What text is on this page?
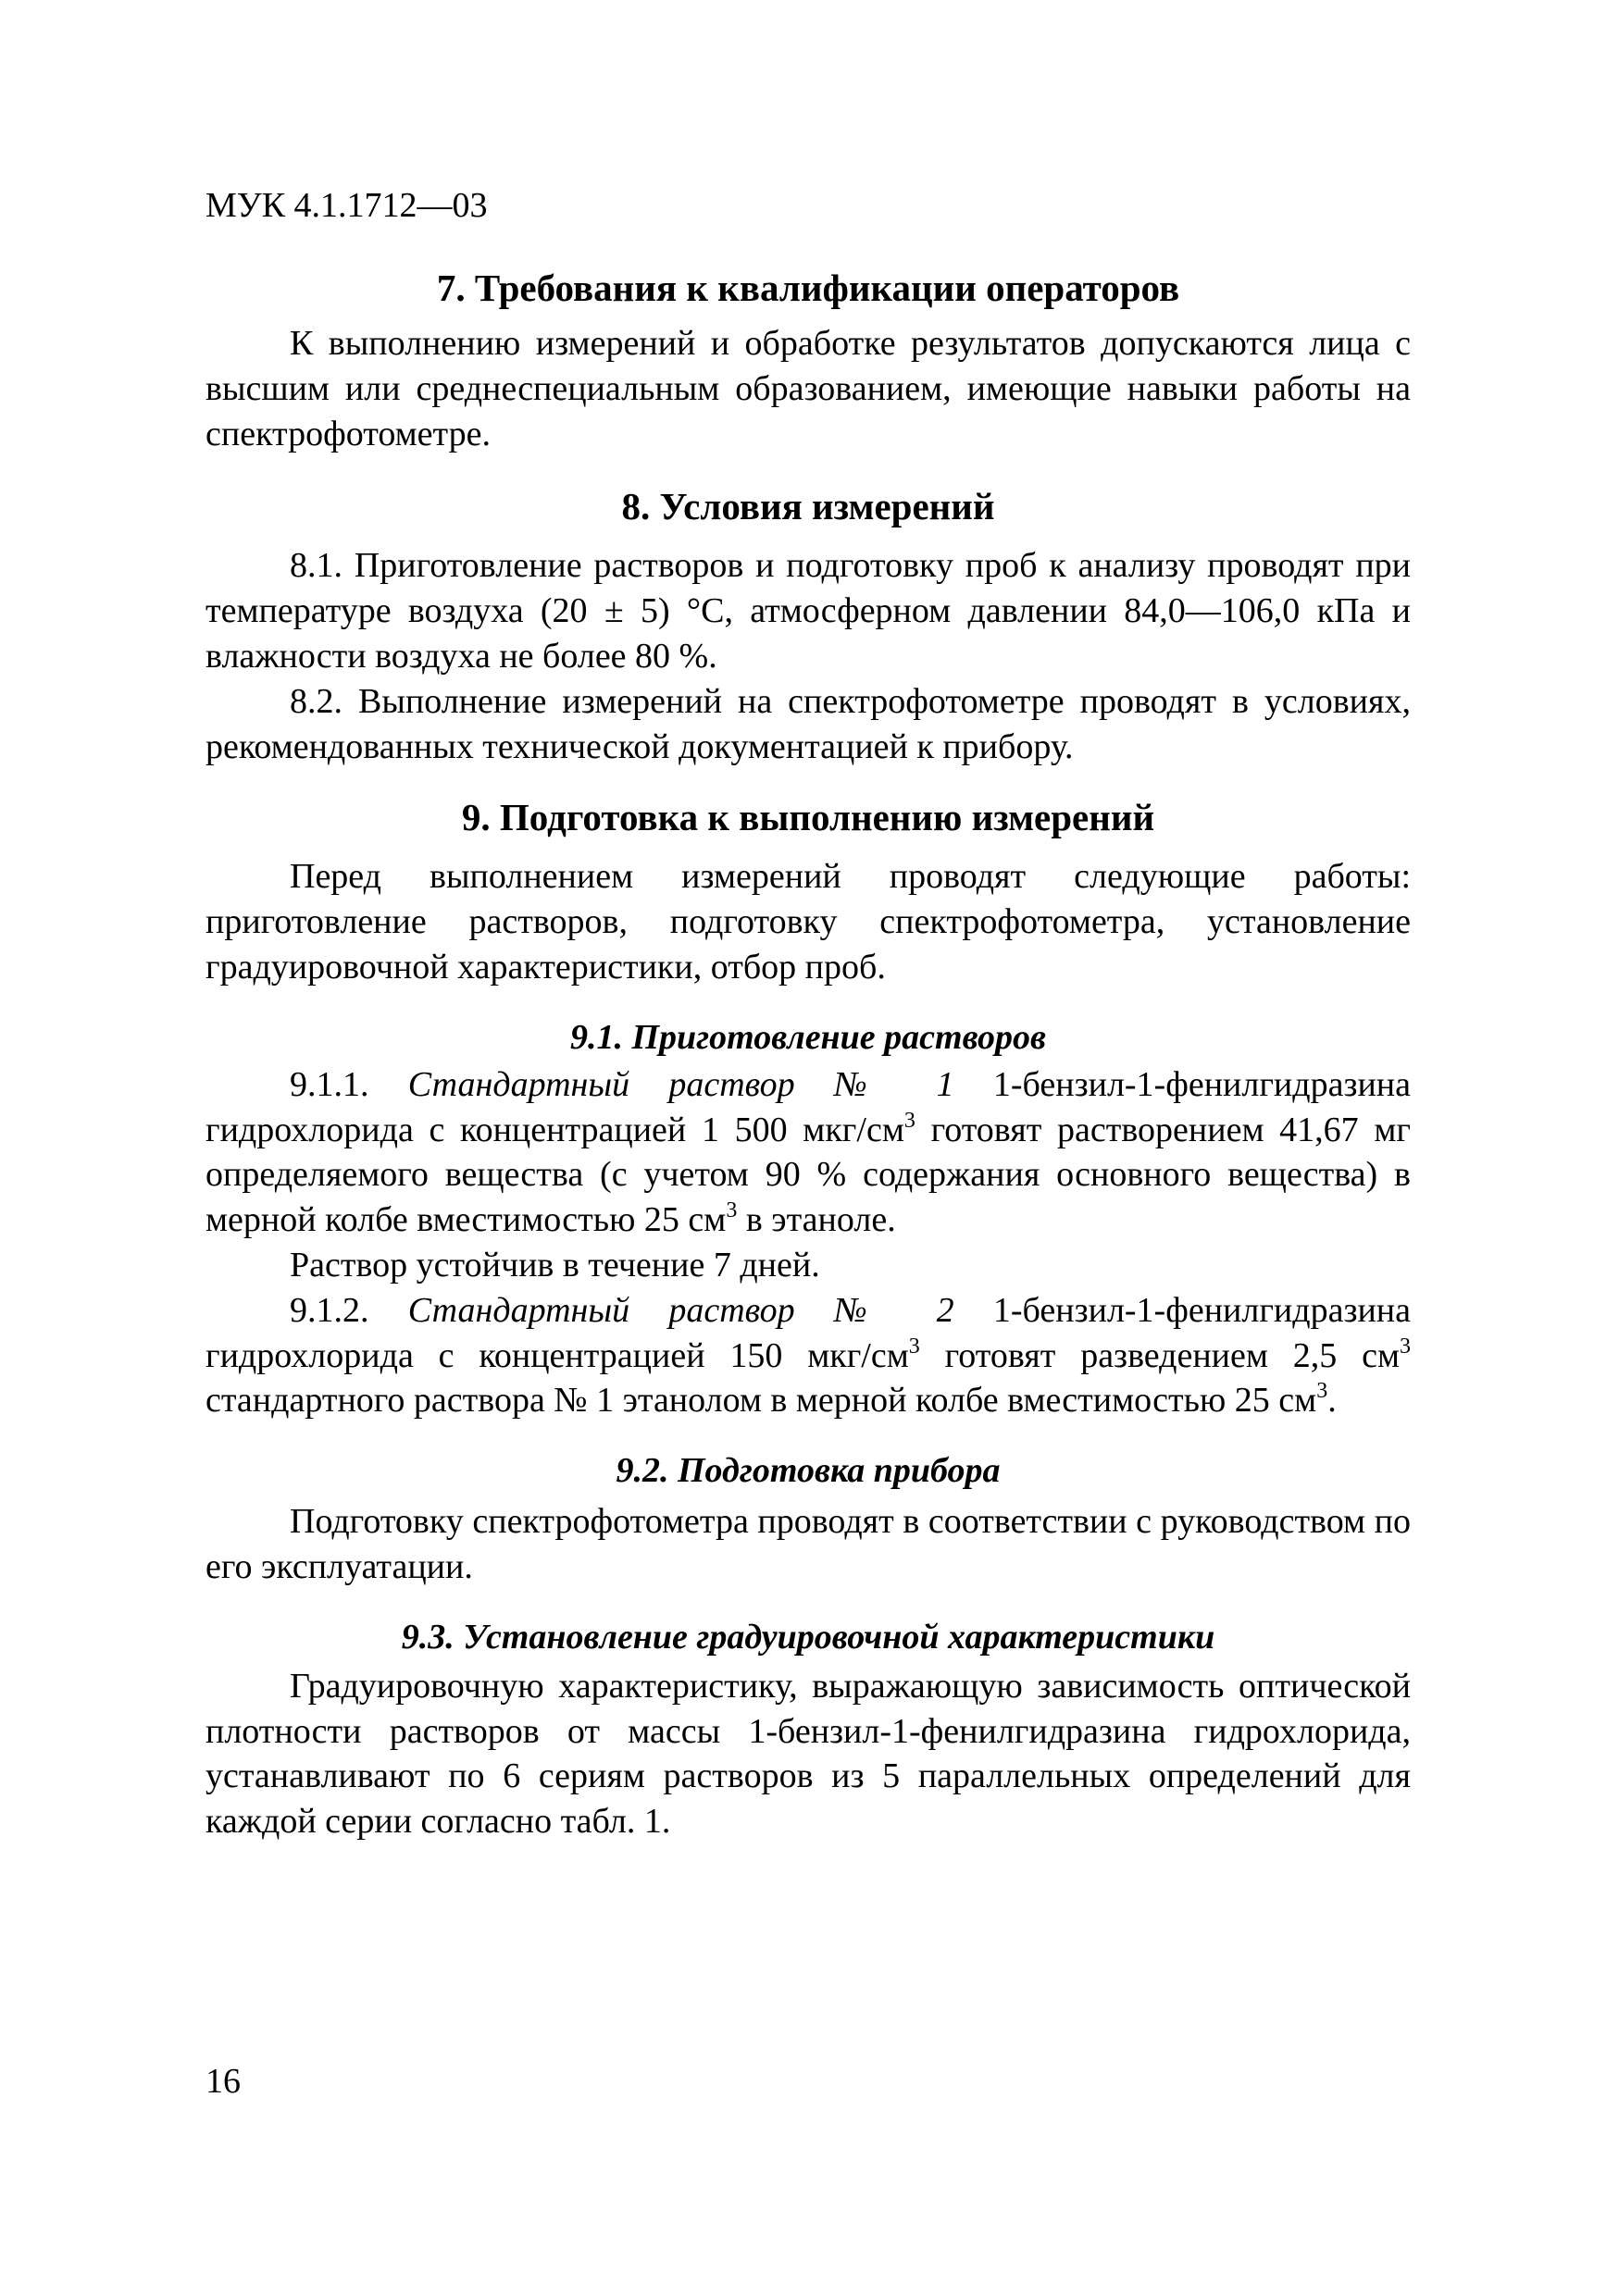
МУК 4.1.1712—03
7. Требования к квалификации операторов

К выполнению измерений и обработке результатов допускаются лица с высшим или среднеспециальным образованием, имеющие навыки работы на спектрофотометре.

8. Условия измерений

8.1. Приготовление растворов и подготовку проб к анализу проводят при температуре воздуха (20 ± 5) °С, атмосферном давлении 84,0—106,0 кПа и влажности воздуха не более 80 %.

8.2. Выполнение измерений на спектрофотометре проводят в условиях, рекомендованных технической документацией к прибору.

9. Подготовка к выполнению измерений

Перед выполнением измерений проводят следующие работы: приготовление растворов, подготовку спектрофотометра, установление градуировочной характеристики, отбор проб.

9.1. Приготовление растворов

9.1.1. Стандартный раствор № 1 1-бензил-1-фенилгидразина гидрохлорида с концентрацией 1 500 мкг/$см^3$ готовят растворением 41,67 мг определяемого вещества (с учетом 90 % содержания основного вещества) в мерной колбе вместимостью 25 $см^3$ в этаноле.

Раствор устойчив в течение 7 дней.

9.1.2. Стандартный раствор № 2 1-бензил-1-фенилгидразина гидрохлорида с концентрацией 150 мкг/$см^3$ готовят разведением 2,5 $см^3$ стандартного раствора № 1 этанолом в мерной колбе вместимостью 25 $см^3$.

9.2. Подготовка прибора

Подготовку спектрофотометра проводят в соответствии с руководством по его эксплуатации.

9.3. Установление градуировочной характеристики

Градуировочную характеристику, выражающую зависимость оптической плотности растворов от массы 1-бензил-1-фенилгидразина гидрохлорида, устанавливают по 6 сериям растворов из 5 параллельных определений для каждой серии согласно табл. 1.

16
